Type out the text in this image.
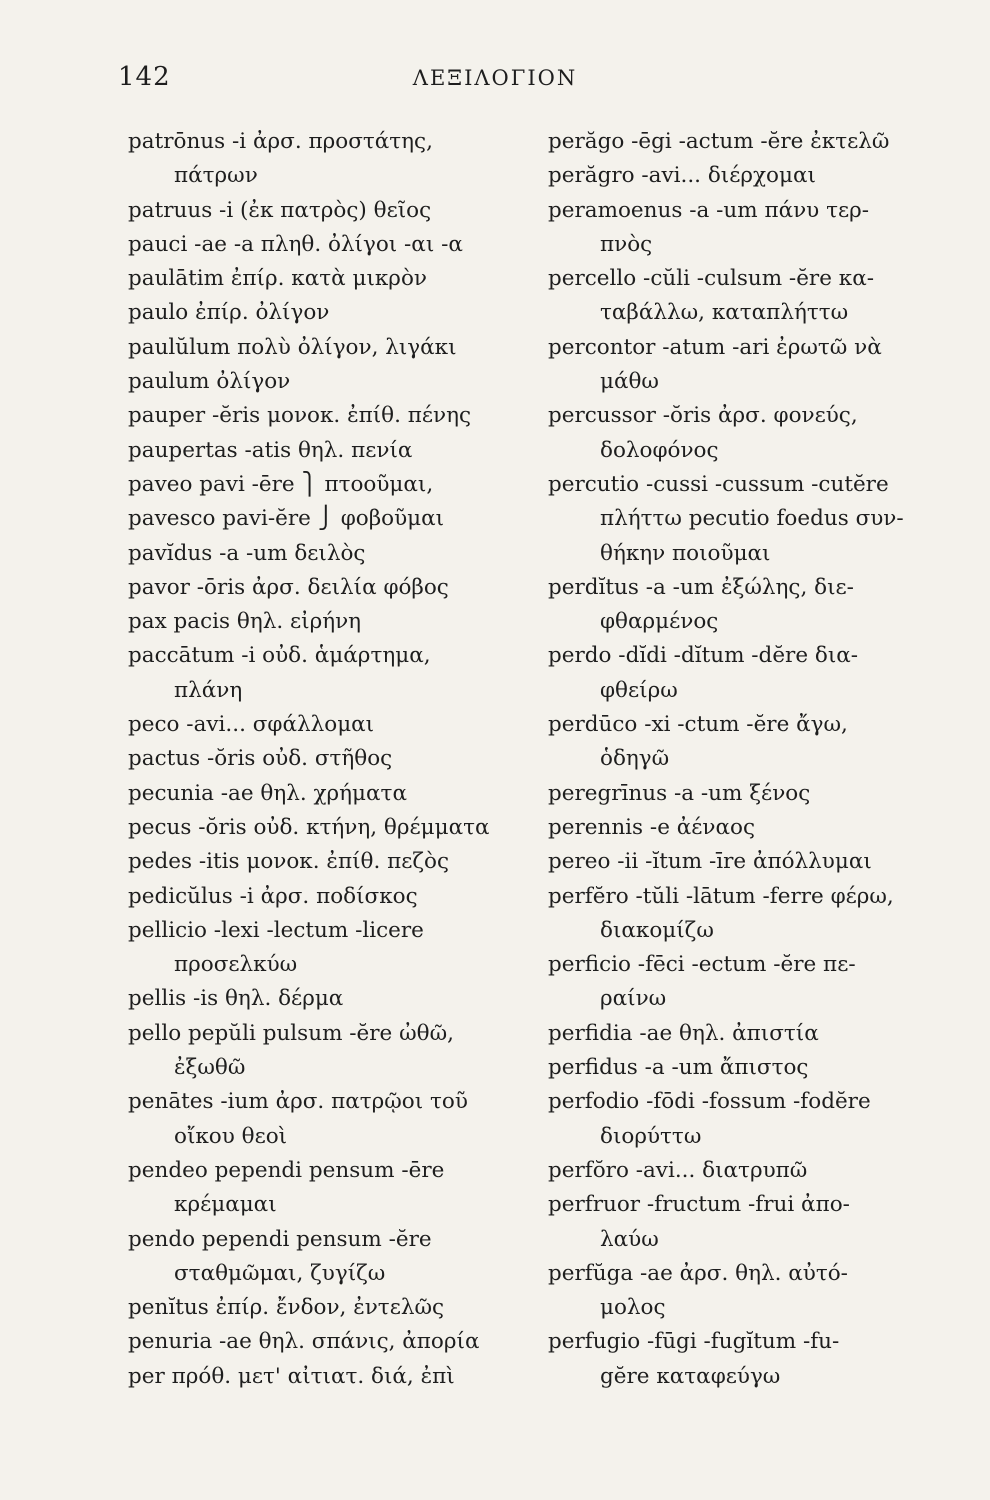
142	ΛΕΞΙΛΟΓΙΟΝ
patrōnus -i ἀρσ. προστάτης,
πάτρων
patruus -i (ἐκ πατρὸς) θεῖος
pauci -ae -a πληθ. ὀλίγοι -αι -α
paulātim ἐπίρ. κατὰ μικρὸν
paulo ἐπίρ. ὀλίγον
paulŭlum πολὺ ὀλίγον, λιγάκι
paulum ὀλίγον
pauper -ĕris μονοκ. ἐπίθ. πένης
paupertas -atis θηλ. πενία
paveo pavi -ēre ⎫ πτοοῦμαι,
pavesco pavi-ĕre ⎭ φοβοῦμαι
pavĭdus -a -um δειλὸς
pavor -ōris ἀρσ. δειλία φόβος
pax pacis θηλ. εἰρήνη
paccātum -i οὐδ. ἁμάρτημα,
πλάνη
peco -avi... σφάλλομαι
pactus -ŏris οὐδ. στῆθος
pecunia -ae θηλ. χρήματα
pecus -ŏris οὐδ. κτήνη, θρέμματα
pedes -itis μονοκ. ἐπίθ. πεζὸς
pedicŭlus -i ἀρσ. ποδίσκος
pellicio -lexi -lectum -licere
προσελκύω
pellis -is θηλ. δέρμα
pello pepŭli pulsum -ĕre ὠθῶ,
ἐξωθῶ
penātes -ium ἀρσ. πατρῷοι τοῦ
οἴκου θεοὶ
pendeo pependi pensum -ēre
κρέμαμαι
pendo pependi pensum -ĕre
σταθμῶμαι, ζυγίζω
penĭtus ἐπίρ. ἔνδον, ἐντελῶς
penuria -ae θηλ. σπάνις, ἀπορία
per πρόθ. μετ' αἰτιατ. διά, ἐπὶ
perăgo -ēgi -actum -ĕre ἐκτελῶ
perăgro -avi... διέρχομαι
peramoenus -a -um πάνυ τερ-
πνὸς
percello -cŭli -culsum -ĕre κα-
ταβάλλω, καταπλήττω
percontor -atum -ari ἐρωτῶ νὰ
μάθω
percussor -ŏris ἀρσ. φονεύς,
δολοφόνος
percutio -cussi -cussum -cutĕre
πλήττω pecutio foedus συν-
θήκην ποιοῦμαι
perdĭtus -a -um ἐξώλης, διε-
φθαρμένος
perdo -dĭdi -dĭtum -dĕre δια-
φθείρω
perdūco -xi -ctum -ĕre ἄγω,
ὁδηγῶ
peregrīnus -a -um ξένος
perennis -e ἀέναος
pereo -ii -ĭtum -īre ἀπόλλυμαι
perfĕro -tŭli -lātum -ferre φέρω,
διακομίζω
perficio -fēci -ectum -ĕre πε-
ραίνω
perfidia -ae θηλ. ἀπιστία
perfidus -a -um ἄπιστος
perfodio -fōdi -fossum -fodĕre
διορύττω
perfŏro -avi... διατρυπῶ
perfruor -fructum -frui ἀπο-
λαύω
perfŭga -ae ἀρσ. θηλ. αὐτό-
μολος
perfugio -fūgi -fugĭtum -fu-
gĕre καταφεύγω
